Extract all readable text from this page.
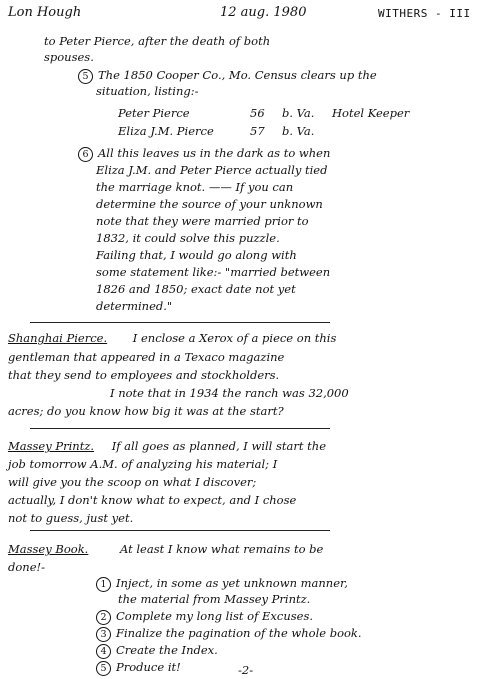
Lon Hough	12 aug. 1980	WITHERS - III
to Peter Pierce, after the death of both
spouses.
5 The 1850 Cooper Co., Mo. Census clears up the
situation, listing:-
Peter Pierce	56 b. Va. Hotel Keeper
Eliza J.M. Pierce	57 b. Va.
6 All this leaves us in the dark as to when
Eliza J.M. and Peter Pierce actually tied
the marriage knot. —— If you can
determine the source of your unknown
note that they were married prior to
1832, it could solve this puzzle.
Failing that, I would go along with
some statement like:- "married between
1826 and 1850; exact date not yet
determined."
Shanghai Pierce. I enclose a Xerox of a piece on this
gentleman that appeared in a Texaco magazine
that they send to employees and stockholders.
I note that in 1934 the ranch was 32,000
acres; do you know how big it was at the start?
Massey Printz. If all goes as planned, I will start the
job tomorrow A.M. of analyzing his material; I
will give you the scoop on what I discover;
actually, I don't know what to expect, and I chose
not to guess, just yet.
Massey Book.	At least I know what remains to be
done!-
1 Inject, in some as yet unknown manner,
the material from Massey Printz.
2 Complete my long list of Excuses.
3 Finalize the pagination of the whole book.
4 Create the Index.
5 Produce it!	-2-
